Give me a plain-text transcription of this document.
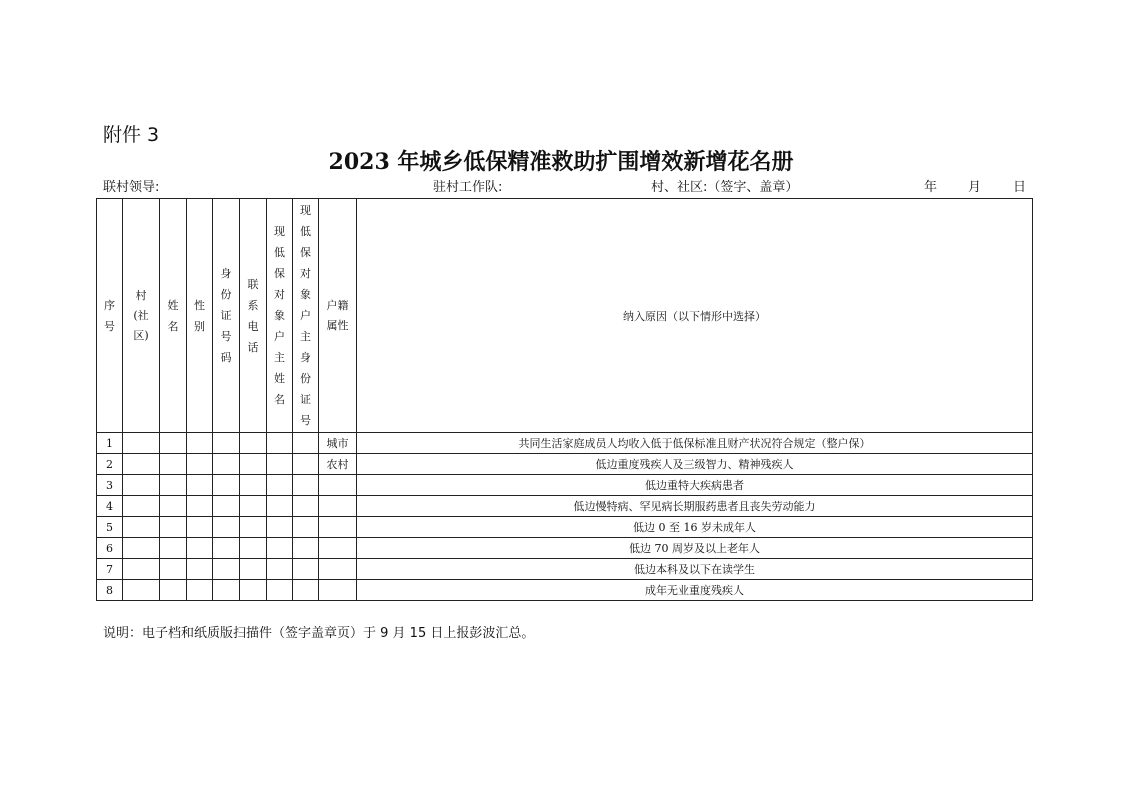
附件 3
2023 年城乡低保精准救助扩围增效新增花名册
联村领导:	驻村工作队:	村、社区:（签字、盖章）	年 月 日
序号	村(社区)	姓名	性别	身份证号码	联系电话	现低保对象户主姓名	现低保对象户主身份证号	户籍属性	纳入原因（以下情形中选择）
1								城市	共同生活家庭成员人均收入低于低保标准且财产状况符合规定（整户保）
2								农村	低边重度残疾人及三级智力、精神残疾人
3									低边重特大疾病患者
4									低边慢特病、罕见病长期服药患者且丧失劳动能力
5									低边 0 至 16 岁未成年人
6									低边 70 周岁及以上老年人
7									低边本科及以下在读学生
8									成年无业重度残疾人
说明：电子档和纸质版扫描件（签字盖章页）于 9 月 15 日上报彭波汇总。
